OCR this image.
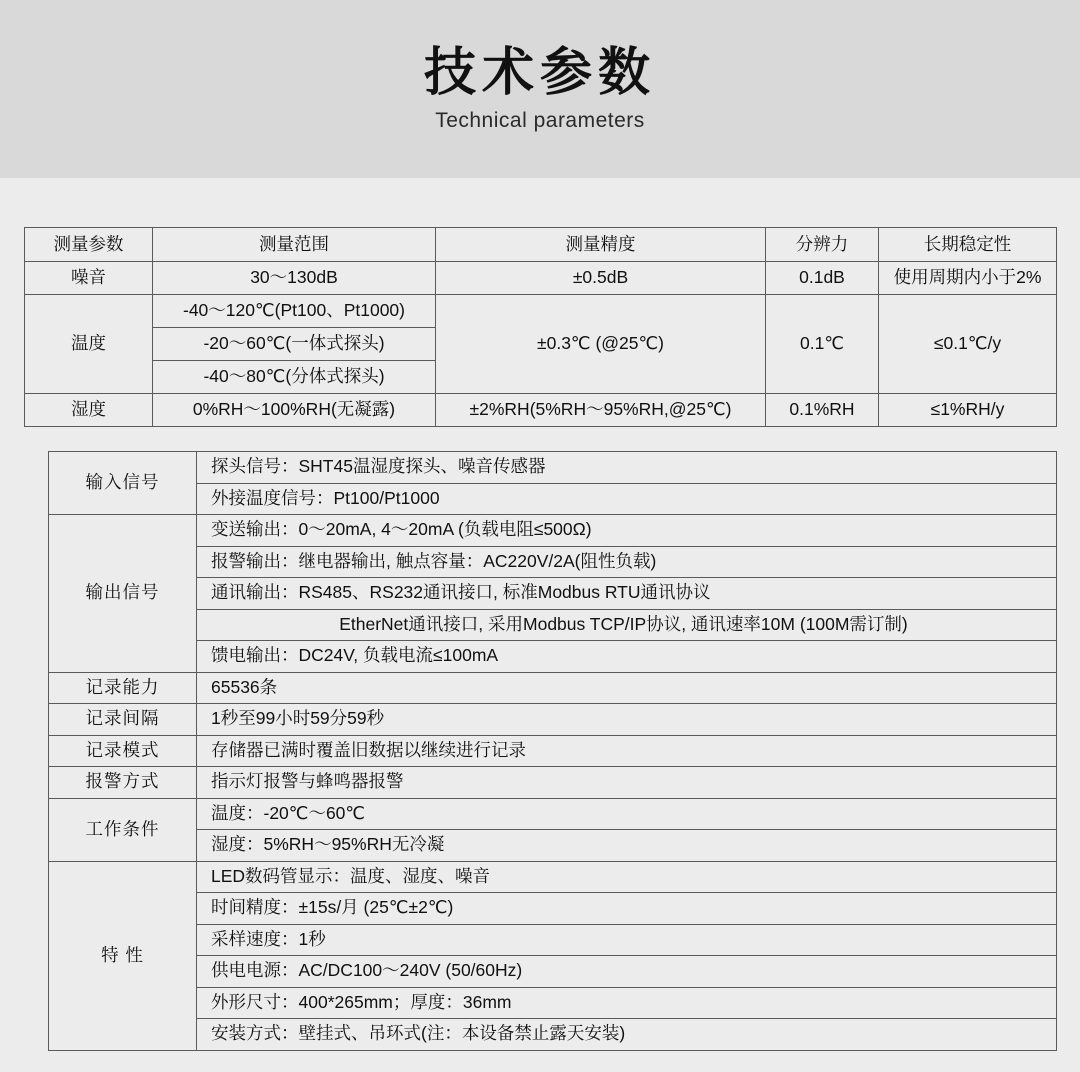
技术参数
Technical parameters
测量参数	测量范围	测量精度	分辨力	长期稳定性
噪音	30～130dB	±0.5dB	0.1dB	使用周期内小于2%
温度	-40～120℃(Pt100、Pt1000)	±0.3℃ (@25℃)	0.1℃	≤0.1℃/y
	-20～60℃(一体式探头)			
	-40～80℃(分体式探头)			
湿度	0%RH～100%RH(无凝露)	±2%RH(5%RH～95%RH,@25℃)	0.1%RH	≤1%RH/y
输入信号	探头信号：SHT45温湿度探头、噪音传感器
	外接温度信号：Pt100/Pt1000
输出信号	变送输出：0～20mA, 4～20mA (负载电阻≤500Ω)
	报警输出：继电器输出, 触点容量：AC220V/2A(阻性负载)
	通讯输出：RS485、RS232通讯接口, 标准Modbus RTU通讯协议
	EtherNet通讯接口, 采用Modbus TCP/IP协议, 通讯速率10M (100M需订制)
	馈电输出：DC24V, 负载电流≤100mA
记录能力	65536条
记录间隔	1秒至99小时59分59秒
记录模式	存储器已满时覆盖旧数据以继续进行记录
报警方式	指示灯报警与蜂鸣器报警
工作条件	温度：-20℃～60℃
	湿度：5%RH～95%RH无冷凝
特 性	LED数码管显示：温度、湿度、噪音
	时间精度：±15s/月 (25℃±2℃)
	采样速度：1秒
	供电电源：AC/DC100～240V (50/60Hz)
	外形尺寸：400*265mm；厚度：36mm
	安装方式：壁挂式、吊环式(注：本设备禁止露天安装)
